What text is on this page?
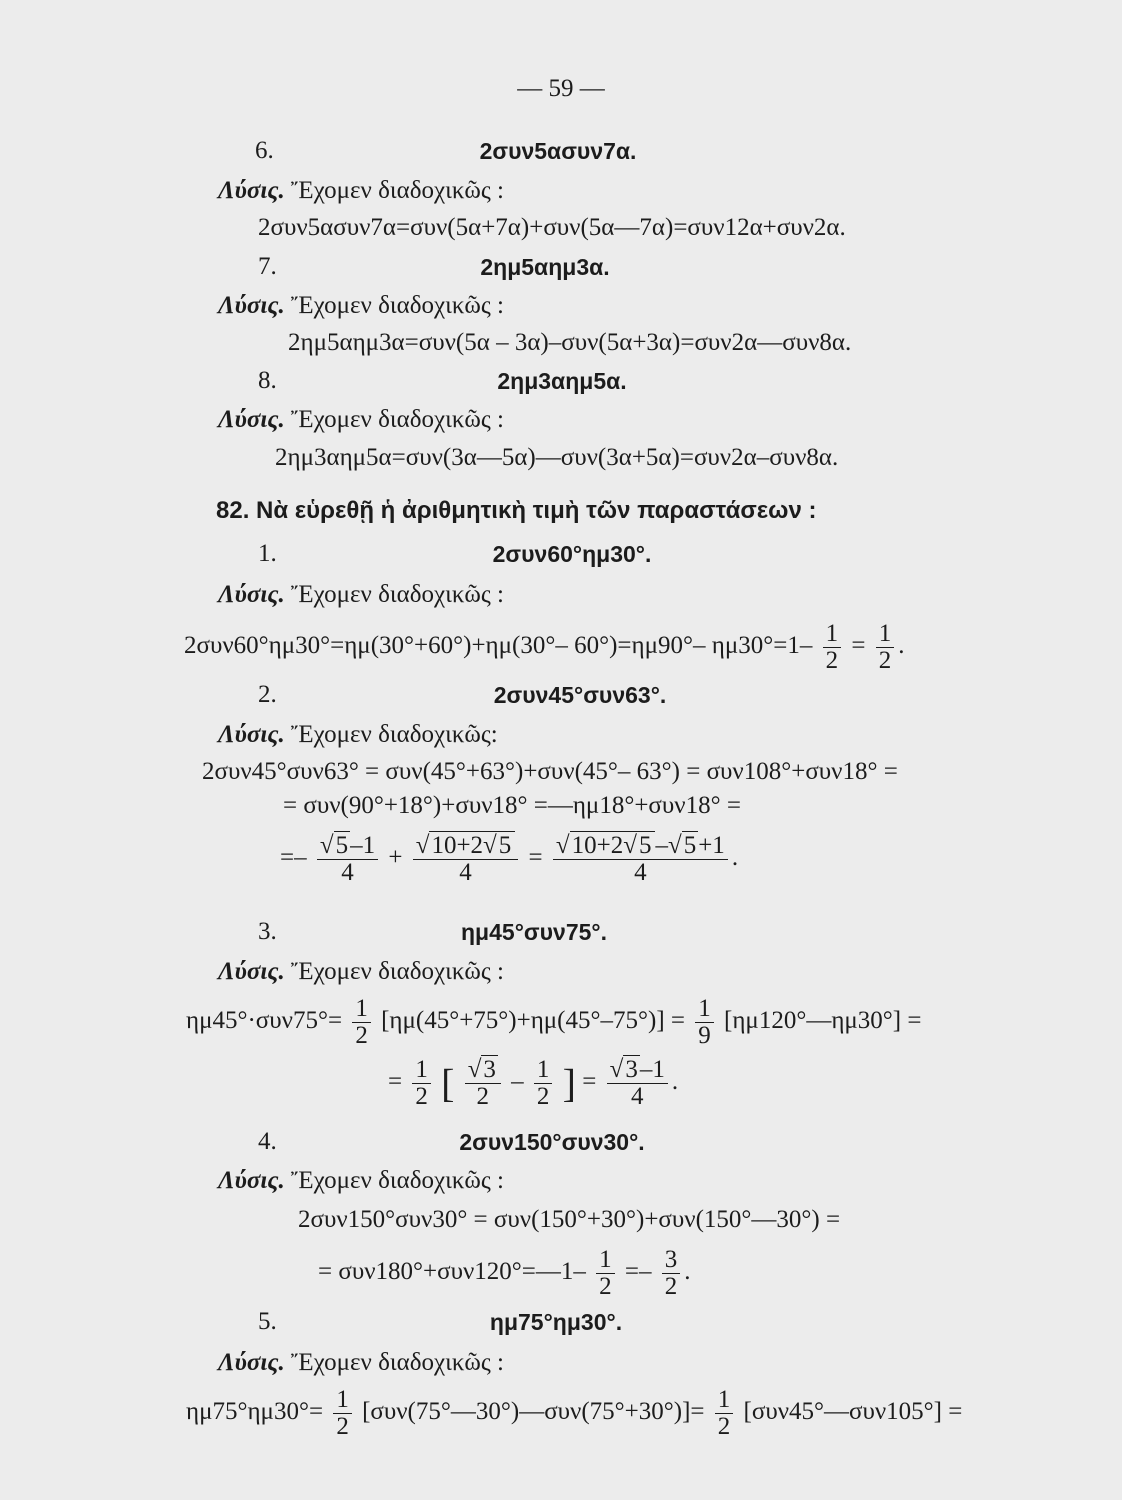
— 59 —
6.	2συν5ασυν7α.
Λύσις. Ἔχομεν διαδοχικῶς :
2συν5ασυν7α=συν(5α+7α)+συν(5α—7α)=συν12α+συν2α.
7.	2ημ5αημ3α.
Λύσις. Ἔχομεν διαδοχικῶς :
2ημ5αημ3α=συν(5α – 3α)–συν(5α+3α)=συν2α—συν8α.
8.	2ημ3αημ5α.
Λύσις. Ἔχομεν διαδοχικῶς :
2ημ3αημ5α=συν(3α—5α)—συν(3α+5α)=συν2α–συν8α.
82. Νὰ εὑρεθῇ ἡ ἀριθμητικὴ τιμὴ τῶν παραστάσεων :
1.	2συν60°ημ30°.
Λύσις. Ἔχομεν διαδοχικῶς :
2συν60°ημ30°=ημ(30°+60°)+ημ(30°– 60°)=ημ90°– $\eta\mu 30^\circ=1- \frac{1}{2} = \frac{1}{2}$ .
2.	2συν45°συν63°.
Λύσις. Ἔχομεν διαδοχικῶς:
2συν45°συν63° = συν(45°+63°)+συν(45°– 63°) = συν108°+συν18° =
= συν(90°+18°)+συν18° =—ημ18°+συν18° =
=– $\frac{√5-1}{4} + \frac{√10+2√5}{4} = \frac{√10+2√5 -√5+1}{4}$ .
3.	ημ45°συν75°.
Λύσις. Ἔχομεν διαδοχικῶς :
$\eta\mu 45^\circ\cdot\sigma\upsilon\nu 75^\circ= \frac{1}{2} [\eta\mu(45^\circ+75^\circ)+\eta\mu(45^\circ-75^\circ)] = \frac{1}{9}$ [ημ120°—ημ30°] =
= $\frac{1}{2}$ [ $\frac{√3}{2} - \frac{1}{2}$ ] = $\frac{√3-1}{4}$ .
4.	2συν150°συν30°.
Λύσις. Ἔχομεν διαδοχικῶς :
2συν150°συν30° = συν(150°+30°)+συν(150°—30°) =
= συν180°+συν120°=—1– $\frac{1}{2} =- \frac{3}{2}$ .
5.	ημ75°ημ30°.
Λύσις. Ἔχομεν διαδοχικῶς :
$\eta\mu 75^\circ\eta\mu 30^\circ= \frac{1}{2}$ [συν(75°—30°)—συν(75°+30°)]= $\frac{1}{2}$ [συν45°—συν105°] =
